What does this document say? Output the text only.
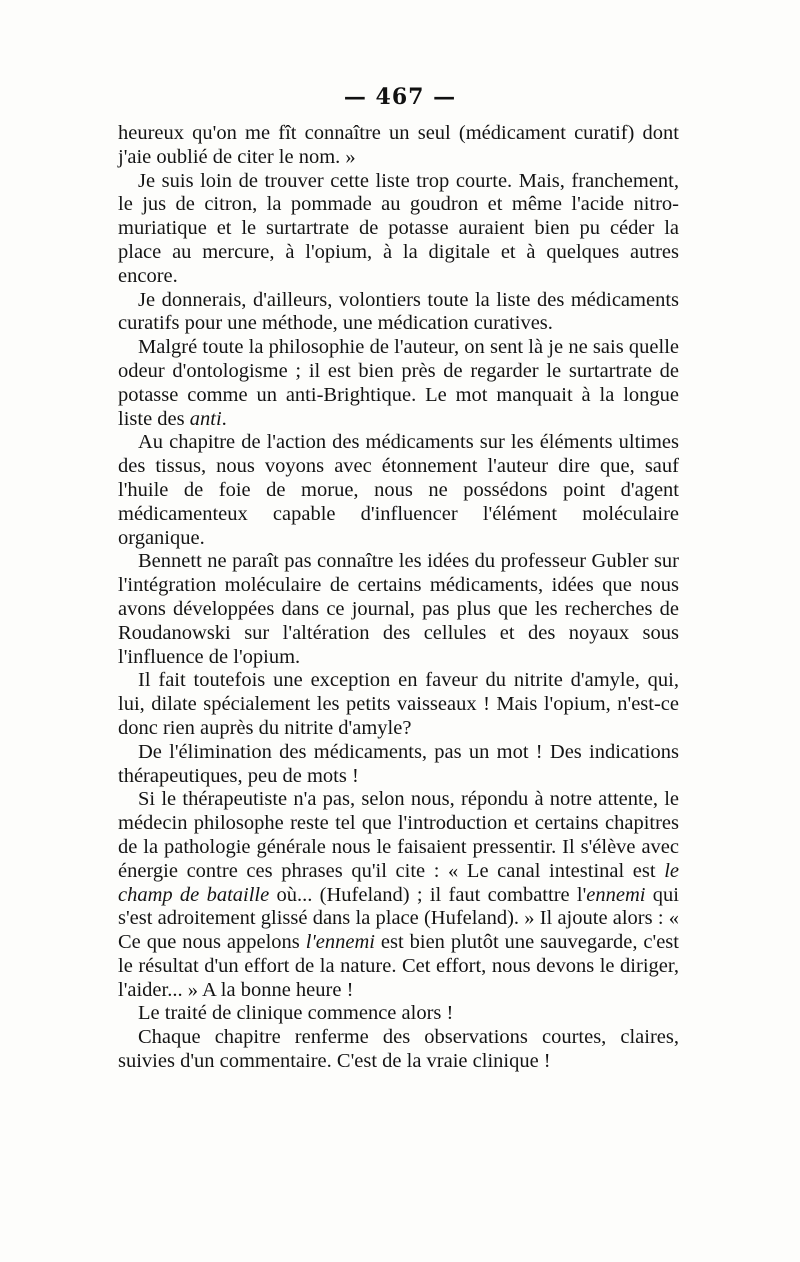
— 467 —

heureux qu'on me fît connaître un seul (médicament curatif) dont j'aie oublié de citer le nom. »

Je suis loin de trouver cette liste trop courte. Mais, franchement, le jus de citron, la pommade au goudron et même l'acide nitro-muriatique et le surtartrate de potasse auraient bien pu céder la place au mercure, à l'opium, à la digitale et à quelques autres encore.

Je donnerais, d'ailleurs, volontiers toute la liste des médicaments curatifs pour une méthode, une médication curatives.

Malgré toute la philosophie de l'auteur, on sent là je ne sais quelle odeur d'ontologisme ; il est bien près de regarder le surtartrate de potasse comme un anti-Brightique. Le mot manquait à la longue liste des anti.

Au chapitre de l'action des médicaments sur les éléments ultimes des tissus, nous voyons avec étonnement l'auteur dire que, sauf l'huile de foie de morue, nous ne possédons point d'agent médicamenteux capable d'influencer l'élément moléculaire organique.

Bennett ne paraît pas connaître les idées du professeur Gubler sur l'intégration moléculaire de certains médicaments, idées que nous avons développées dans ce journal, pas plus que les recherches de Roudanowski sur l'altération des cellules et des noyaux sous l'influence de l'opium.

Il fait toutefois une exception en faveur du nitrite d'amyle, qui, lui, dilate spécialement les petits vaisseaux ! Mais l'opium, n'est-ce donc rien auprès du nitrite d'amyle?

De l'élimination des médicaments, pas un mot ! Des indications thérapeutiques, peu de mots !

Si le thérapeutiste n'a pas, selon nous, répondu à notre attente, le médecin philosophe reste tel que l'introduction et certains chapitres de la pathologie générale nous le faisaient pressentir. Il s'élève avec énergie contre ces phrases qu'il cite : « Le canal intestinal est le champ de bataille où... (Hufeland) ; il faut combattre l'ennemi qui s'est adroitement glissé dans la place (Hufeland). » Il ajoute alors : « Ce que nous appelons l'ennemi est bien plutôt une sauvegarde, c'est le résultat d'un effort de la nature. Cet effort, nous devons le diriger, l'aider... » A la bonne heure !

Le traité de clinique commence alors !

Chaque chapitre renferme des observations courtes, claires, suivies d'un commentaire. C'est de la vraie clinique !
